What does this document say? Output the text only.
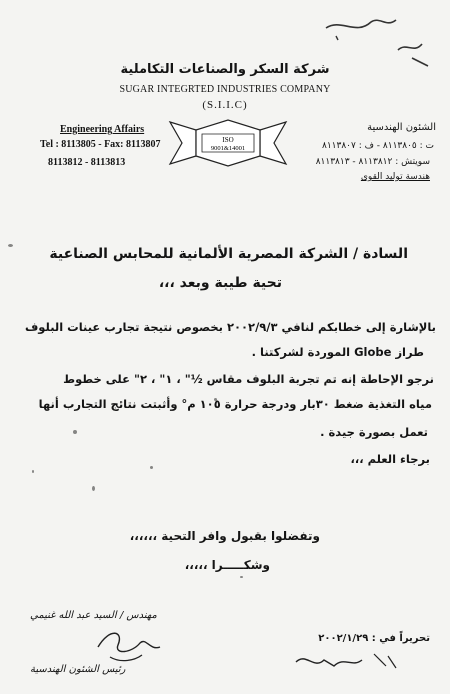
شركة السكر والصناعات التكاملية
SUGAR INTEGRTED INDUSTRIES COMPANY
(S.I.I.C)
Engineering Affairs
Tel : 8113805 - Fax: 8113807
8113812 - 8113813
الشئون الهندسية
ت : ٨١١٣٨٠٥ - ف : ٨١١٣٨٠٧
سويتش : ٨١١٣٨١٢ - ٨١١٣٨١٣
هندسة توليد القوى
ISO
9001&14001
السادة / الشركة المصرية الألمانية للمحابس الصناعية
تحية طيبة وبعد ،،،
بالإشارة إلى خطابكم لنافي ٢٠٠٢/٩/٣ بخصوص نتيجة تجارب عينات البلوف
طراز Globe الموردة لشركتنا .
نرجو الإحاطة إنه تم تجربة البلوف مقاس ½" ، ١" ، ٢" على خطوط
مياه التغذية ضغط ٣٠بار ودرجة حرارة ١٠٥ م° وأثبتت نتائج التجارب أنها
تعمل بصورة جيدة .
برجاء العلم ،،،
وتفضلوا بقبول وافر التحية ،،،،،،
وشكـــــرا ،،،،،
مهندس / السيد عبد الله غنيمي
رئيس الشئون الهندسية
تحريراً في : ٢٠٠٢/١/٢٩
